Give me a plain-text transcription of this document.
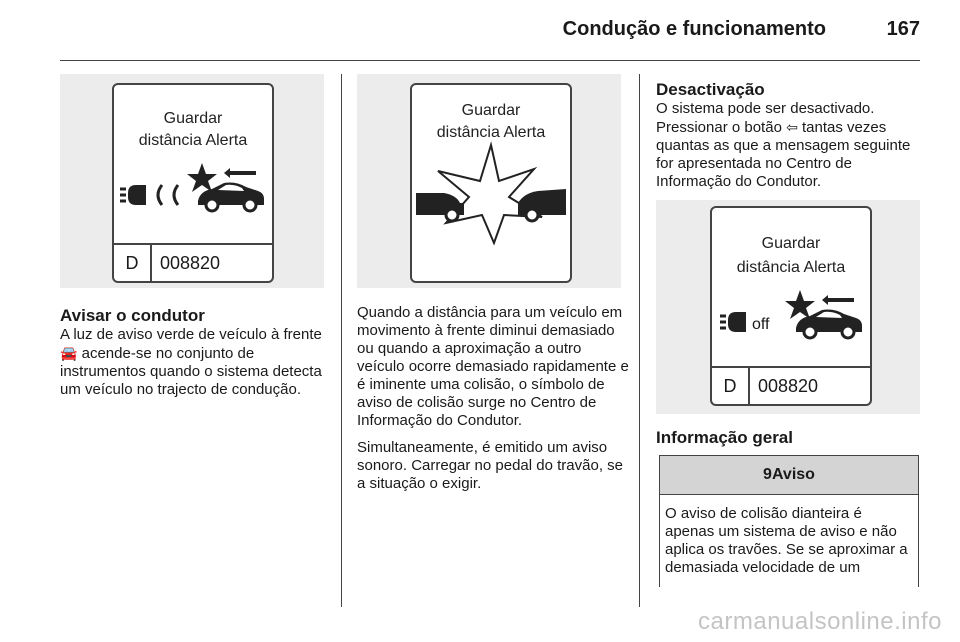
Condução e funcionamento	167
Guardar
distância Alerta
D	008820
Avisar o condutor

A luz de aviso verde de veículo à frente 🚘 acende-se no conjunto de instrumentos quando o sistema detecta um veículo no trajecto de condução.

Guardar
distância Alerta

Quando a distância para um veículo em movimento à frente diminui demasiado ou quando a aproximação a outro veículo ocorre demasiado rapidamente e é iminente uma colisão, o símbolo de aviso de colisão surge no Centro de Informação do Condutor.

Simultaneamente, é emitido um aviso sonoro. Carregar no pedal do travão, se a situação o exigir.

Desactivação

O sistema pode ser desactivado.

Pressionar o botão ⇦ tantas vezes quantas as que a mensagem seguinte for apresentada no Centro de Informação do Condutor.

Guardar
distância Alerta
off
D	008820
Informação geral
9Aviso
O aviso de colisão dianteira é apenas um sistema de aviso e não aplica os travões. Se se aproximar a demasiada velocidade de um
carmanualsonline.info
